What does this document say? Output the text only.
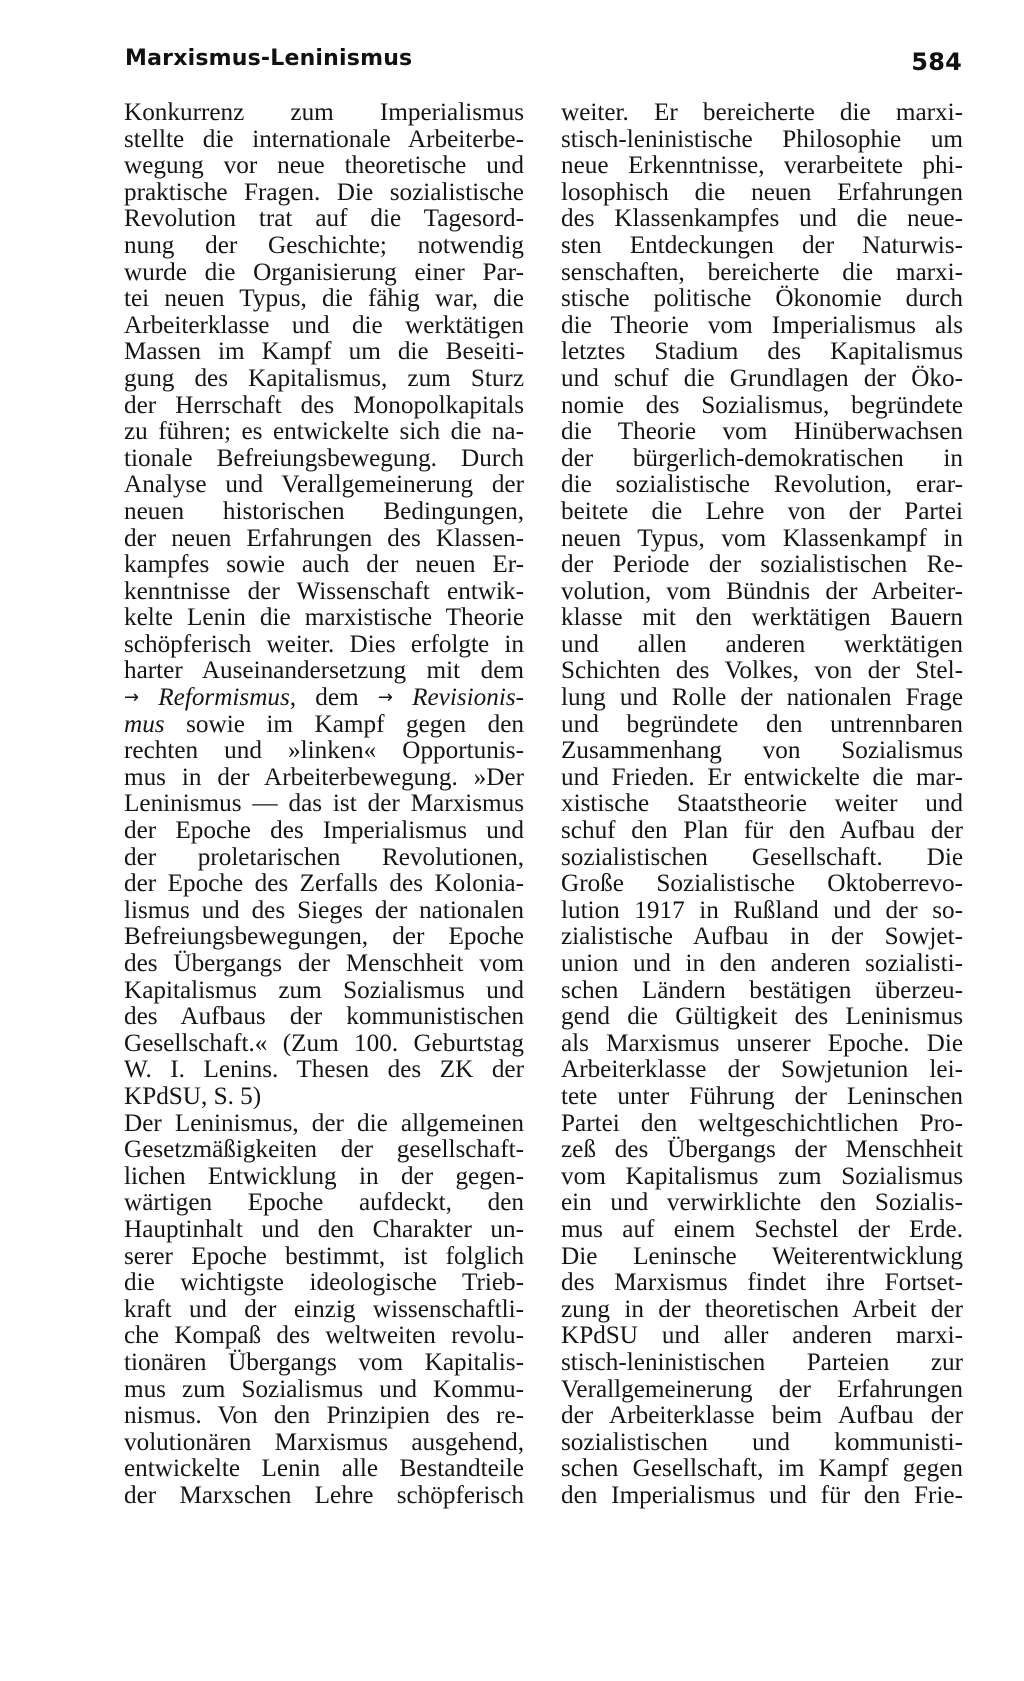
Marxismus-Leninismus	584
Konkurrenz zum Imperialismus
stellte die internationale Arbeiterbe-
wegung vor neue theoretische und
praktische Fragen. Die sozialistische
Revolution trat auf die Tagesord-
nung der Geschichte; notwendig
wurde die Organisierung einer Par-
tei neuen Typus, die fähig war, die
Arbeiterklasse und die werktätigen
Massen im Kampf um die Beseiti-
gung des Kapitalismus, zum Sturz
der Herrschaft des Monopolkapitals
zu führen; es entwickelte sich die na-
tionale Befreiungsbewegung. Durch
Analyse und Verallgemeinerung der
neuen historischen Bedingungen,
der neuen Erfahrungen des Klassen-
kampfes sowie auch der neuen Er-
kenntnisse der Wissenschaft entwik-
kelte Lenin die marxistische Theorie
schöpferisch weiter. Dies erfolgte in
harter Auseinandersetzung mit dem
→ Reformismus, dem → Revisionis-
mus sowie im Kampf gegen den
rechten und »linken« Opportunis-
mus in der Arbeiterbewegung. »Der
Leninismus — das ist der Marxismus
der Epoche des Imperialismus und
der proletarischen Revolutionen,
der Epoche des Zerfalls des Kolonia-
lismus und des Sieges der nationalen
Befreiungsbewegungen, der Epoche
des Übergangs der Menschheit vom
Kapitalismus zum Sozialismus und
des Aufbaus der kommunistischen
Gesellschaft.« (Zum 100. Geburtstag
W. I. Lenins. Thesen des ZK der
KPdSU, S. 5)
Der Leninismus, der die allgemeinen
Gesetzmäßigkeiten der gesellschaft-
lichen Entwicklung in der gegen-
wärtigen Epoche aufdeckt, den
Hauptinhalt und den Charakter un-
serer Epoche bestimmt, ist folglich
die wichtigste ideologische Trieb-
kraft und der einzig wissenschaftli-
che Kompaß des weltweiten revolu-
tionären Übergangs vom Kapitalis-
mus zum Sozialismus und Kommu-
nismus. Von den Prinzipien des re-
volutionären Marxismus ausgehend,
entwickelte Lenin alle Bestandteile
der Marxschen Lehre schöpferisch
weiter. Er bereicherte die marxi-
stisch-leninistische Philosophie um
neue Erkenntnisse, verarbeitete phi-
losophisch die neuen Erfahrungen
des Klassenkampfes und die neue-
sten Entdeckungen der Naturwis-
senschaften, bereicherte die marxi-
stische politische Ökonomie durch
die Theorie vom Imperialismus als
letztes Stadium des Kapitalismus
und schuf die Grundlagen der Öko-
nomie des Sozialismus, begründete
die Theorie vom Hinüberwachsen
der bürgerlich-demokratischen in
die sozialistische Revolution, erar-
beitete die Lehre von der Partei
neuen Typus, vom Klassenkampf in
der Periode der sozialistischen Re-
volution, vom Bündnis der Arbeiter-
klasse mit den werktätigen Bauern
und allen anderen werktätigen
Schichten des Volkes, von der Stel-
lung und Rolle der nationalen Frage
und begründete den untrennbaren
Zusammenhang von Sozialismus
und Frieden. Er entwickelte die mar-
xistische Staatstheorie weiter und
schuf den Plan für den Aufbau der
sozialistischen Gesellschaft. Die
Große Sozialistische Oktoberrevo-
lution 1917 in Rußland und der so-
zialistische Aufbau in der Sowjet-
union und in den anderen sozialisti-
schen Ländern bestätigen überzeu-
gend die Gültigkeit des Leninismus
als Marxismus unserer Epoche. Die
Arbeiterklasse der Sowjetunion lei-
tete unter Führung der Leninschen
Partei den weltgeschichtlichen Pro-
zeß des Übergangs der Menschheit
vom Kapitalismus zum Sozialismus
ein und verwirklichte den Sozialis-
mus auf einem Sechstel der Erde.
Die Leninsche Weiterentwicklung
des Marxismus findet ihre Fortset-
zung in der theoretischen Arbeit der
KPdSU und aller anderen marxi-
stisch-leninistischen Parteien zur
Verallgemeinerung der Erfahrungen
der Arbeiterklasse beim Aufbau der
sozialistischen und kommunisti-
schen Gesellschaft, im Kampf gegen
den Imperialismus und für den Frie-
